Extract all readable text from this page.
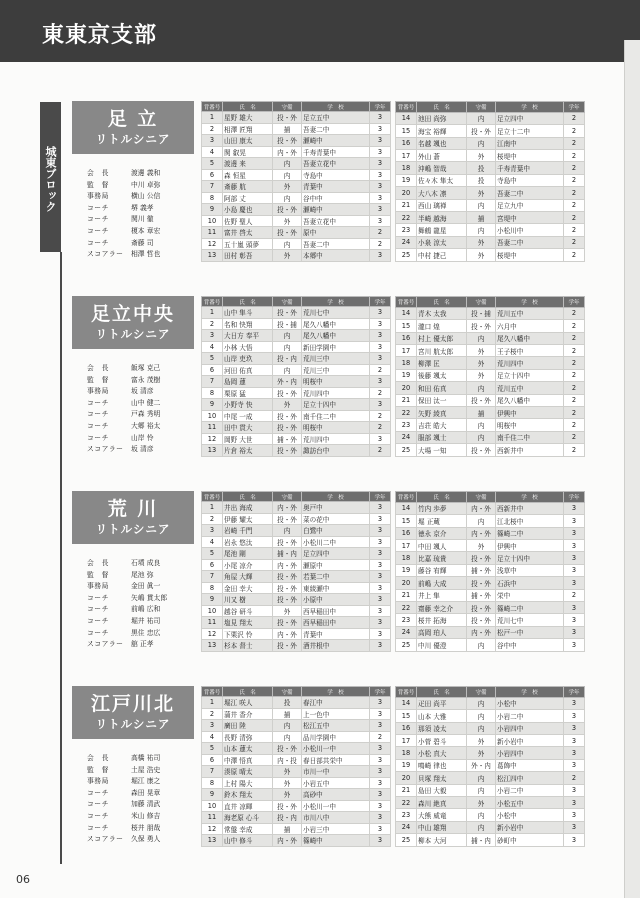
東東京支部
城東ブロック
06
足 立
リトルシニア
会　長	渡邊 義和
監　督	中川 卓弥
事務局	横山 公信
コーチ	堺 義孝
コーチ	関川 徹
コーチ	榎本 章宏
コーチ	斎藤 司
スコアラー	相澤 哲也
背番号	氏　名	守備	学　校	学年
1	星野 雄大	投・外	足立五中	3
2	相澤 匠翔	捕	吾妻二中	3
3	山田 康太	投・外	瀬崎中	3
4	関 叡晃	内・外	千寿青葉中	3
5	渡邊 来	内	吾妻立花中	3
6	森 恒星	内	寺島中	3
7	斎藤 航	外	青葉中	3
8	阿部 丈	内	谷中中	3
9	小島 慶也	投・外	瀬崎中	3
10	佐野 聖人	外	吾妻立花中	3
11	富井 啓太	投・外	原中	2
12	五十嵐 頭夢	内	吾妻二中	2
13	田村 彰吾	外	本郷中	3
背番号	氏　名	守備	学　校	学年
14	池田 尚弥	内	足立四中	2
15	海宝 裕輝	投・外	足立十二中	2
16	名越 颯也	内	江南中	2
17	外山 蒼	外	桜堤中	2
18	沖嶋 智哉	投	千寿青葉中	2
19	佐々木 隼太	投	寺島中	2
20	大八木 凛	外	吾妻二中	2
21	西山 璃禅	内	足立九中	2
22	半崎 越海	捕	宮堤中	2
23	舞鶴 龍星	内	小松川中	2
24	小泉 涼太	外	吾妻二中	2
25	中村 捷己	外	桜堤中	2
足立中央
リトルシニア
会　長	飯塚 克己
監　督	富永 茂樹
事務局	坂 清彦
コーチ	山中 健二
コーチ	戸森 秀明
コーチ	大郷 裕太
コーチ	山岸 怜
スコアラー	坂 清彦
背番号	氏　名	守備	学　校	学年
1	山中 隼斗	投・外	荒川七中	3
2	名和 快翔	投・捕	尾久八幡中	3
3	大日方 奉平	内	尾久八幡中	3
4	小林 大悟	内	新田学園中	3
5	山岸 吏玖	投・内	荒川三中	3
6	河田 佑真	内	荒川三中	2
7	島岡 蓮	外・内	明桜中	3
8	栗原 猛	投・外	荒川四中	2
9	小野寺 快	外	足立十四中	3
10	中尾 一成	投・外	南千住二中	2
11	田中 貫大	投・外	明桜中	2
12	岡野 大世	捕・外	荒川四中	3
13	片倉 裕太	投・外	諏訪台中	2
背番号	氏　名	守備	学　校	学年
14	青木 太我	投・捕	荒川五中	2
15	瀧口 煌	投・外	六月中	2
16	村上 優太郎	内	尾久八幡中	2
17	宮川 航太郎	外	王子桜中	2
18	柳澤 匡	外	荒川四中	2
19	後藤 颯太	外	足立十四中	2
20	和田 佑真	内	荒川五中	2
21	保田 汰一	投・外	尾久八幡中	2
22	矢野 綾真	捕	伊興中	2
23	吉荘 皓大	内	明桜中	2
24	服部 颯士	内	南千住二中	2
25	大場 一知	投・外	西新井中	2
荒 川
リトルシニア
会　長	石墳 成良
監　督	尾池 弥
事務局	金田 眞一
コーチ	矢嶋 貫太郎
コーチ	前嶋 広和
コーチ	堀井 祐司
コーチ	黒住 忠広
スコアラー	舘 正孝
背番号	氏　名	守備	学　校	学年
1	井出 海成	内・外	奥戸中	3
2	伊藤 耀太	投・外	菜の花中	3
3	岩崎 千門	内	白鷺中	3
4	岩永 悠汰	投・外	小松川二中	3
5	尾池 剛	捕・内	足立四中	3
6	小尾 凉介	内・外	瀬原中	3
7	角屋 大輝	投・外	若葉二中	3
8	金田 幸大	投・外	東綾瀬中	3
9	川又 樹	投・外	小原中	3
10	越谷 研斗	外	西早稲田中	3
11	塩見 翔太	投・外	西早稲田中	3
12	下栗沢 怜	内・外	青葉中	3
13	杉本 督士	投・外	酒井根中	3
背番号	氏　名	守備	学　校	学年
14	竹内 歩夢	内・外	西新井中	3
15	堀 正蔵	内	江北桜中	3
16	徳永 京介	内・外	篠崎二中	3
17	中田 颯人	外	伊興中	3
18	比嘉 琉貴	投・外	足立十四中	3
19	藤谷 宥輝	捕・外	浅草中	3
20	前嶋 大成	投・外	石浜中	3
21	井上 隼	捕・外	栄中	2
22	齋藤 幸之介	投・外	篠崎二中	3
23	桜井 拓海	投・外	荒川七中	3
24	高岡 珀人	内・外	松戸一中	3
25	中川 優澄	内	谷中中	3
江戸川北
リトルシニア
会　長	高橋 祐司
監　督	土屋 浩史
事務局	堀江 康之
コーチ	森田 晃章
コーチ	加藤 清武
コーチ	米山 修吉
コーチ	桜井 朋哉
スコアラー	久保 勇人
背番号	氏　名	守備	学　校	学年
1	堀江 咲人	投	春江中	3
2	蒲井 香介	捕	上一色中	3
3	廣田 陸	内	松江五中	3
4	長野 清弥	内	品川学園中	2
5	山本 蓮太	投・外	小松川一中	3
6	中澤 悟真	内・投	春日部共栄中	3
7	湊原 晴太	外	市川一中	3
8	上村 陽大	外	小岩五中	3
9	鈴木 翔太	外	高砂中	3
10	直井 凉暉	投・外	小松川一中	3
11	海老原 心斗	投・内	市川八中	3
12	常盤 幸成	捕	小岩三中	3
13	山中 修斗	内・外	篠崎中	3
背番号	氏　名	守備	学　校	学年
14	疋田 尚平	内	小松中	3
15	山本 大雅	内	小岩二中	3
16	那須 凌太	内	小岩四中	3
17	小菅 碧斗	外	新小岩中	3
18	小松 真大	外	小岩四中	3
19	鳴崎 律也	外・内	葛飾中	3
20	貝塚 翔太	内	松江四中	2
21	島田 大毅	内	小岩二中	3
22	森川 絶真	外	小松五中	3
23	大熊 威竜	内	小松中	3
24	中山 雄翔	内	新小岩中	3
25	柳本 大河	捕・内	砂町中	3
